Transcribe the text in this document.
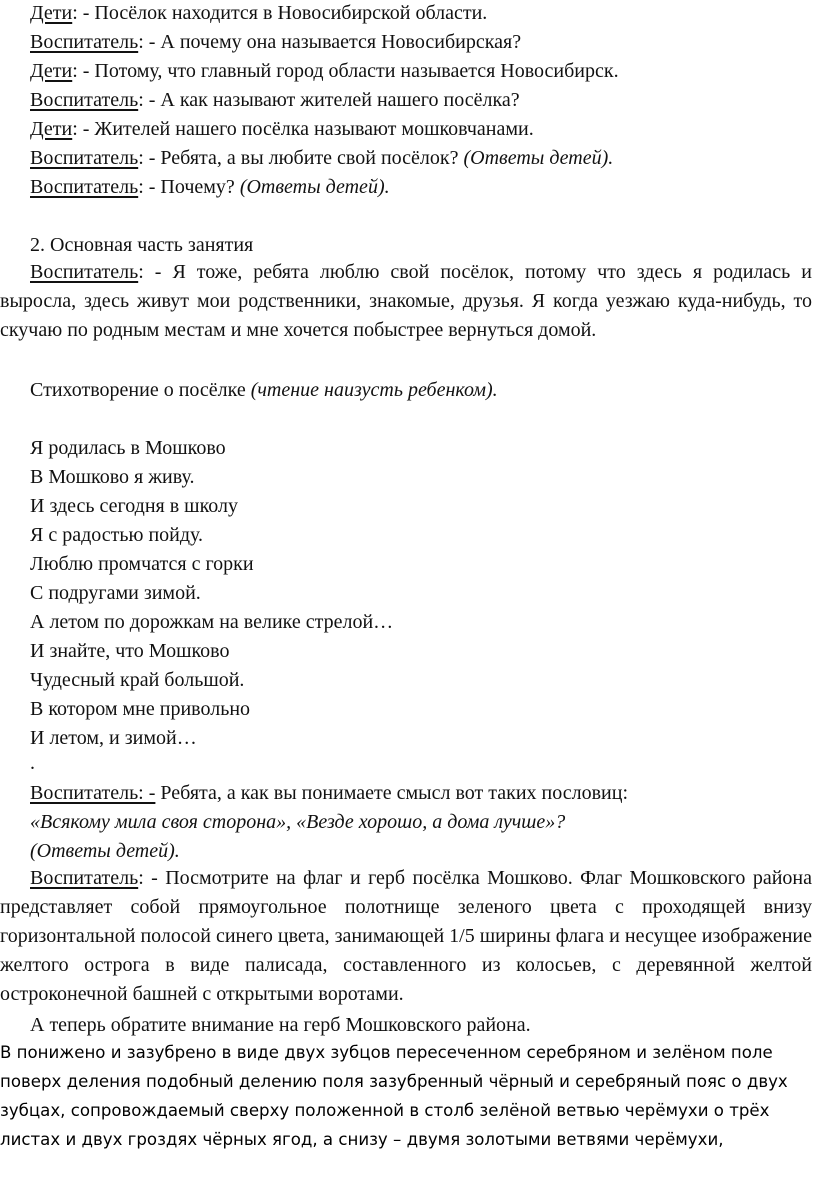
Дети: - Посёлок находится в Новосибирской области.
Воспитатель: - А почему она называется Новосибирская?
Дети: - Потому, что главный город области называется Новосибирск.
Воспитатель: - А как называют жителей нашего посёлка?
Дети: - Жителей нашего посёлка называют мошковчанами.
Воспитатель: - Ребята, а вы любите свой посёлок? (Ответы детей).
Воспитатель: - Почему? (Ответы детей).
2. Основная часть занятия
Воспитатель: - Я тоже, ребята люблю свой посёлок, потому что здесь я родилась и выросла, здесь живут мои родственники, знакомые, друзья. Я когда уезжаю куда-нибудь, то скучаю по родным местам и мне хочется побыстрее вернуться домой.
Стихотворение о посёлке (чтение наизусть ребенком).
Я родилась в Мошково
В Мошково я живу.
И здесь сегодня в школу
Я с радостью пойду.
Люблю промчатся с горки
С подругами зимой.
А летом по дорожкам на велике стрелой…
И знайте, что Мошково
Чудесный край большой.
В котором мне привольно
И летом, и зимой…
.
Воспитатель: - Ребята, а как вы понимаете смысл вот таких пословиц:
«Всякому мила своя сторона», «Везде хорошо, а дома лучше»?
(Ответы детей).
Воспитатель: - Посмотрите на флаг и герб посёлка Мошково. Флаг Мошковского района представляет собой прямоугольное полотнище зеленого цвета с проходящей внизу горизонтальной полосой синего цвета, занимающей 1/5 ширины флага и несущее изображение желтого острога в виде палисада, составленного из колосьев, с деревянной желтой остроконечной башней с открытыми воротами.
А теперь обратите внимание на герб Мошковского района.
В понижено и зазубрено в виде двух зубцов пересеченном серебряном и зелёном поле поверх деления подобный делению поля зазубренный чёрный и серебряный пояс о двух зубцах, сопровождаемый сверху положенной в столб зелёной ветвью черёмухи о трёх листах и двух гроздях чёрных ягод, а снизу – двумя золотыми ветвями черёмухи,
